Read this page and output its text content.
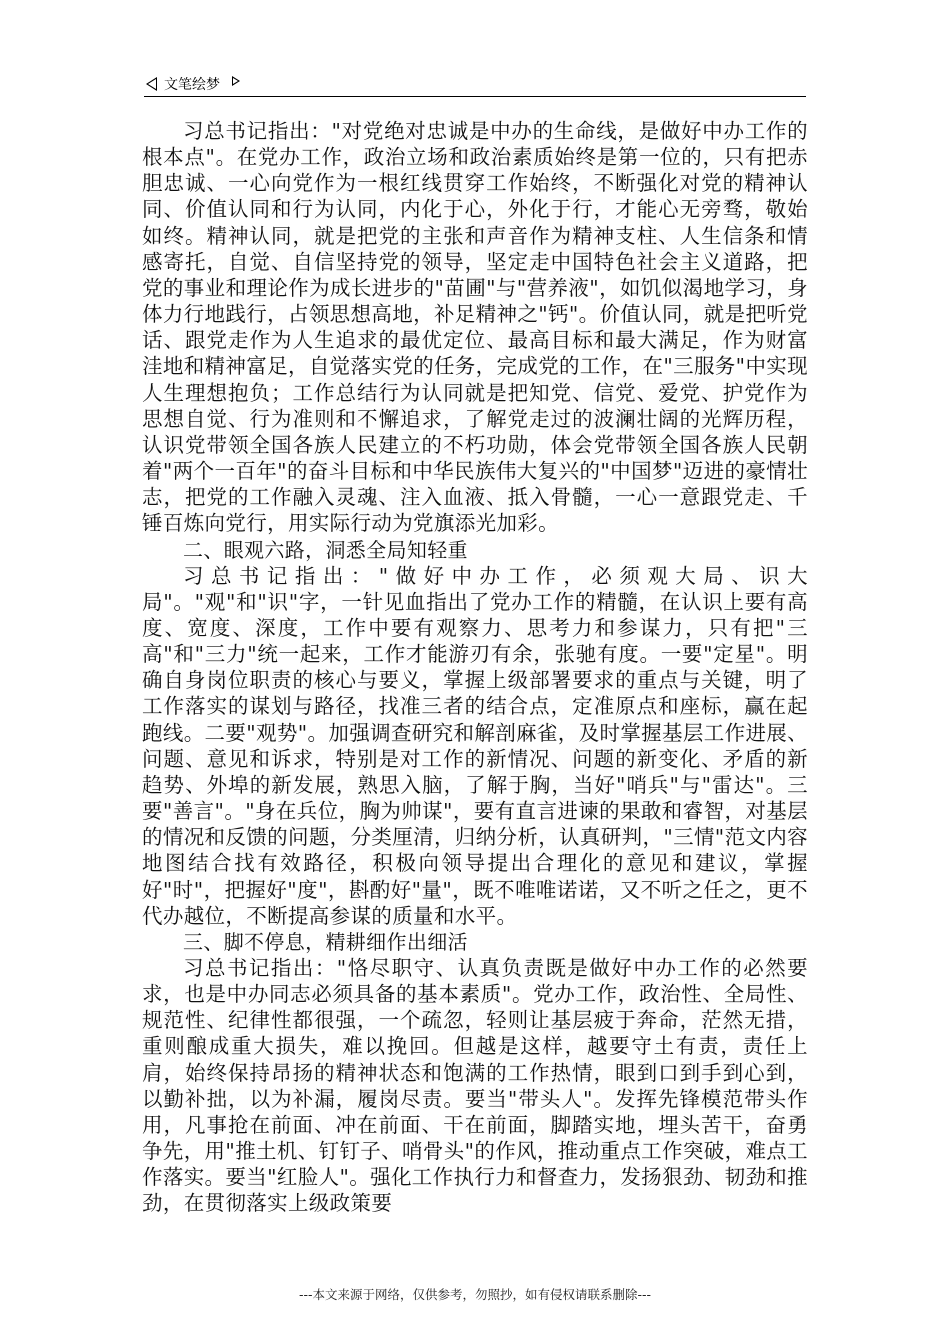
文笔绘梦

习总书记指出："对党绝对忠诚是中办的生命线，是做好中办工作的根本点"。在党办工作，政治立场和政治素质始终是第一位的，只有把赤胆忠诚、一心向党作为一根红线贯穿工作始终，不断强化对党的精神认同、价值认同和行为认同，内化于心，外化于行，才能心无旁骛，敬始如终。精神认同，就是把党的主张和声音作为精神支柱、人生信条和情感寄托，自觉、自信坚持党的领导，坚定走中国特色社会主义道路，把党的事业和理论作为成长进步的"苗圃"与"营养液"，如饥似渴地学习，身体力行地践行，占领思想高地，补足精神之"钙"。价值认同，就是把听党话、跟党走作为人生追求的最优定位、最高目标和最大满足，作为财富洼地和精神富足，自觉落实党的任务，完成党的工作，在"三服务"中实现人生理想抱负；工作总结行为认同就是把知党、信党、爱党、护党作为思想自觉、行为准则和不懈追求，了解党走过的波澜壮阔的光辉历程，认识党带领全国各族人民建立的不朽功勋，体会党带领全国各族人民朝着"两个一百年"的奋斗目标和中华民族伟大复兴的"中国梦"迈进的豪情壮志，把党的工作融入灵魂、注入血液、抵入骨髓，一心一意跟党走、千锤百炼向党行，用实际行动为党旗添光加彩。

二、眼观六路，洞悉全局知轻重

习总书记指出："做好中办工作，必须观大局、识大局"。"观"和"识"字，一针见血指出了党办工作的精髓，在认识上要有高度、宽度、深度，工作中要有观察力、思考力和参谋力，只有把"三高"和"三力"统一起来，工作才能游刃有余，张驰有度。一要"定星"。明确自身岗位职责的核心与要义，掌握上级部署要求的重点与关键，明了工作落实的谋划与路径，找准三者的结合点，定准原点和座标，赢在起跑线。二要"观势"。加强调查研究和解剖麻雀，及时掌握基层工作进展、问题、意见和诉求，特别是对工作的新情况、问题的新变化、矛盾的新趋势、外埠的新发展，熟思入脑，了解于胸，当好"哨兵"与"雷达"。三要"善言"。"身在兵位，胸为帅谋"，要有直言进谏的果敢和睿智，对基层的情况和反馈的问题，分类厘清，归纳分析，认真研判，"三情"范文内容地图结合找有效路径，积极向领导提出合理化的意见和建议，掌握好"时"，把握好"度"，斟酌好"量"，既不唯唯诺诺，又不听之任之，更不代办越位，不断提高参谋的质量和水平。

三、脚不停息，精耕细作出细活

习总书记指出："恪尽职守、认真负责既是做好中办工作的必然要求，也是中办同志必须具备的基本素质"。党办工作，政治性、全局性、规范性、纪律性都很强，一个疏忽，轻则让基层疲于奔命，茫然无措，重则酿成重大损失，难以挽回。但越是这样，越要守土有责，责任上肩，始终保持昂扬的精神状态和饱满的工作热情，眼到口到手到心到，以勤补拙，以为补漏，履岗尽责。要当"带头人"。发挥先锋模范带头作用，凡事抢在前面、冲在前面、干在前面，脚踏实地，埋头苦干，奋勇争先，用"推土机、钉钉子、哨骨头"的作风，推动重点工作突破，难点工作落实。要当"红脸人"。强化工作执行力和督查力，发扬狠劲、韧劲和推劲，在贯彻落实上级政策要

---本文来源于网络，仅供参考，勿照抄，如有侵权请联系删除---
